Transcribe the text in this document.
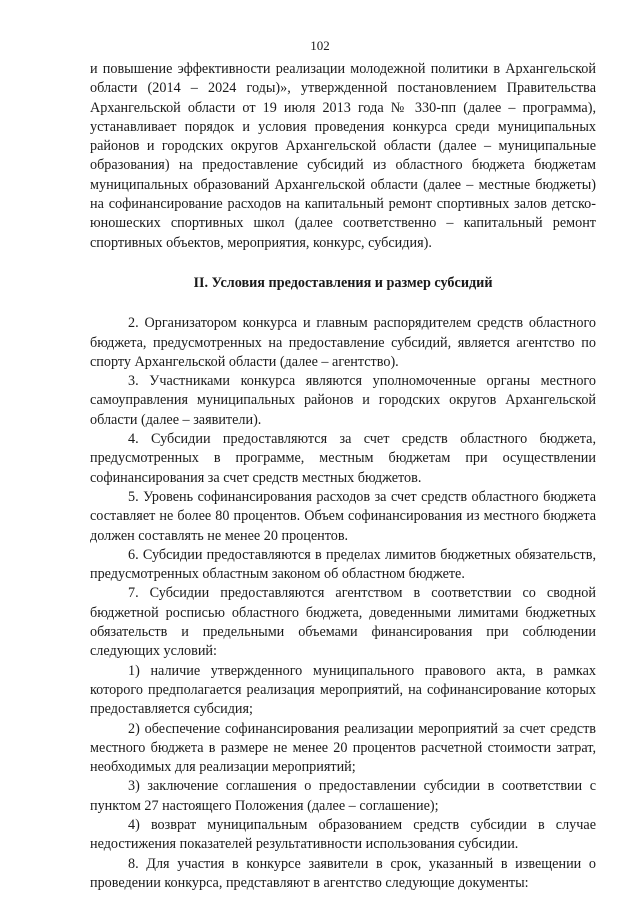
102

и повышение эффективности реализации молодежной политики в Архангельской области (2014 – 2024 годы)», утвержденной постановлением Правительства Архангельской области от 19 июля 2013 года № 330-пп (далее – программа), устанавливает порядок и условия проведения конкурса среди муниципальных районов и городских округов Архангельской области (далее – муниципальные образования) на предоставление субсидий из областного бюджета бюджетам муниципальных образований Архангельской области (далее – местные бюджеты) на софинансирование расходов на капитальный ремонт спортивных залов детско-юношеских спортивных школ (далее соответственно – капитальный ремонт спортивных объектов, мероприятия, конкурс, субсидия).

II. Условия предоставления и размер субсидий

2. Организатором конкурса и главным распорядителем средств областного бюджета, предусмотренных на предоставление субсидий, является агентство по спорту Архангельской области (далее – агентство).

3. Участниками конкурса являются уполномоченные органы местного самоуправления муниципальных районов и городских округов Архангельской области (далее – заявители).

4. Субсидии предоставляются за счет средств областного бюджета, предусмотренных в программе, местным бюджетам при осуществлении софинансирования за счет средств местных бюджетов.

5. Уровень софинансирования расходов за счет средств областного бюджета составляет не более 80 процентов. Объем софинансирования из местного бюджета должен составлять не менее 20 процентов.

6. Субсидии предоставляются в пределах лимитов бюджетных обязательств, предусмотренных областным законом об областном бюджете.

7. Субсидии предоставляются агентством в соответствии со сводной бюджетной росписью областного бюджета, доведенными лимитами бюджетных обязательств и предельными объемами финансирования при соблюдении следующих условий:

1) наличие утвержденного муниципального правового акта, в рамках которого предполагается реализация мероприятий, на софинансирование которых предоставляется субсидия;

2) обеспечение софинансирования реализации мероприятий за счет средств местного бюджета в размере не менее 20 процентов расчетной стоимости затрат, необходимых для реализации мероприятий;

3) заключение соглашения о предоставлении субсидии в соответствии с пунктом 27 настоящего Положения (далее – соглашение);

4) возврат муниципальным образованием средств субсидии в случае недостижения показателей результативности использования субсидии.

8. Для участия в конкурсе заявители в срок, указанный в извещении о проведении конкурса, представляют в агентство следующие документы:
